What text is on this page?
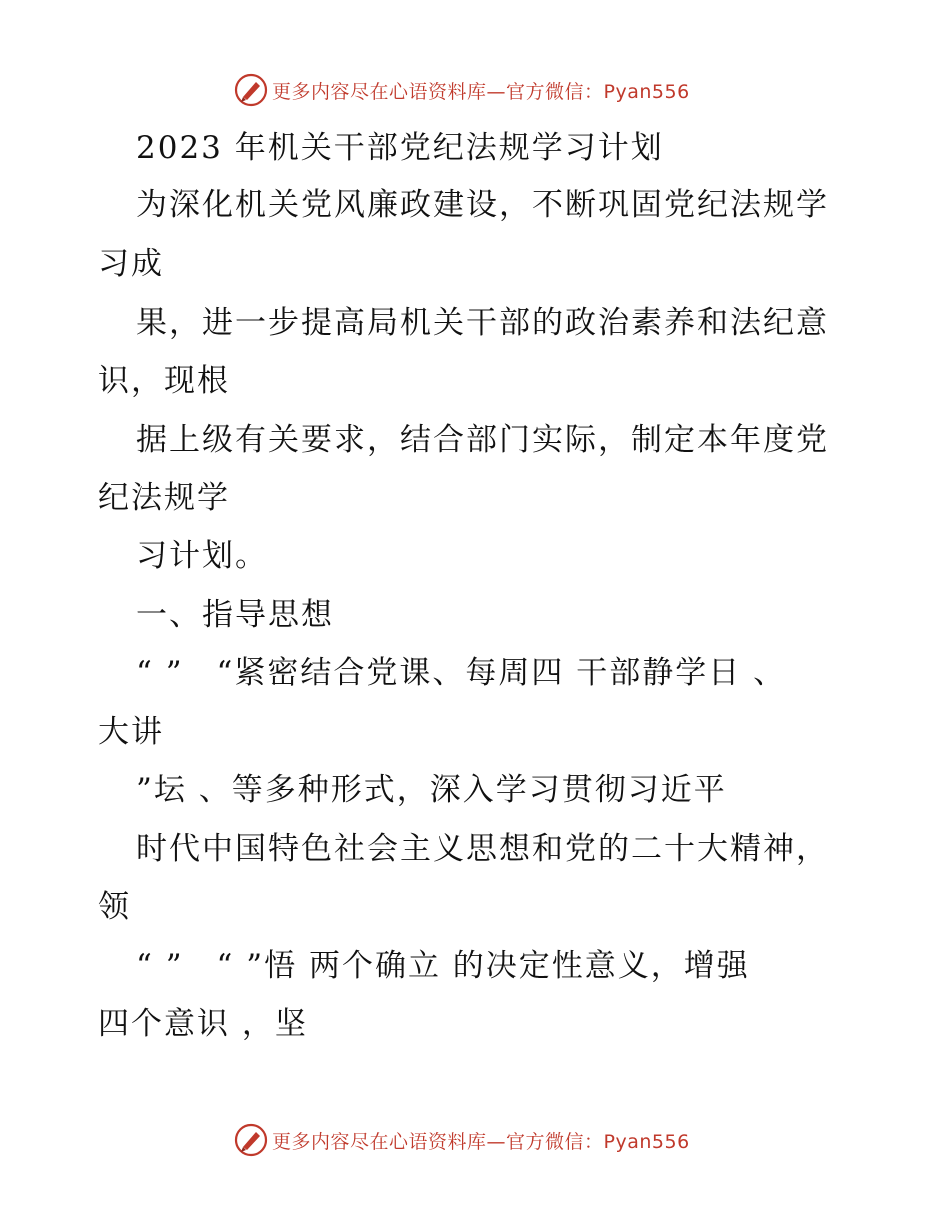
更多内容尽在心语资料库—官方微信：Pyan556
2023 年机关干部党纪法规学习计划
为深化机关党风廉政建设，不断巩固党纪法规学
习成
果，进一步提高局机关干部的政治素养和法纪意
识，现根
据上级有关要求，结合部门实际，制定本年度党
纪法规学
习计划。
一、指导思想
“ ”　“紧密结合党课、每周四 干部静学日 、
大讲
”坛 、等多种形式，深入学习贯彻习近平
时代中国特色社会主义思想和党的二十大精神，
领
“ ”　“ ”悟 两个确立 的决定性意义，增强
四个意识 ，坚
更多内容尽在心语资料库—官方微信：Pyan556
